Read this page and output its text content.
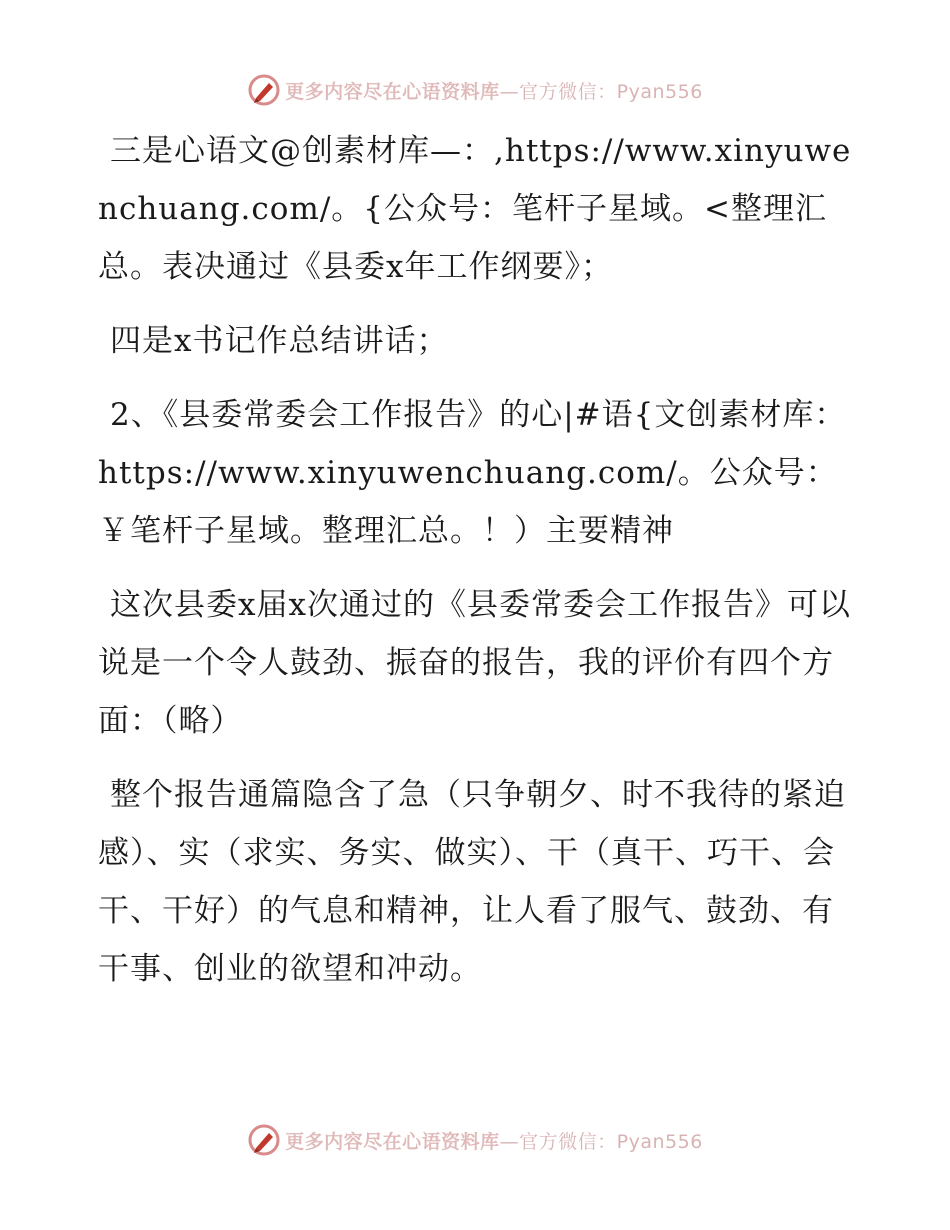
更多内容尽在心语资料库—官方微信：Pyan556

三是心语文@创素材库—：,https://www.xinyuwenchuang.com/。{公众号：笔杆子星域。<整理汇总。表决通过《县委x年工作纲要》；

四是x书记作总结讲话；

2、《县委常委会工作报告》的心|#语{文创素材库：https://www.xinyuwenchuang.com/。公众号：￥笔杆子星域。整理汇总。！）主要精神

这次县委x届x次通过的《县委常委会工作报告》可以说是一个令人鼓劲、振奋的报告，我的评价有四个方面：（略）

整个报告通篇隐含了急（只争朝夕、时不我待的紧迫感）、实（求实、务实、做实）、干（真干、巧干、会干、干好）的气息和精神，让人看了服气、鼓劲、有干事、创业的欲望和冲动。

更多内容尽在心语资料库—官方微信：Pyan556
